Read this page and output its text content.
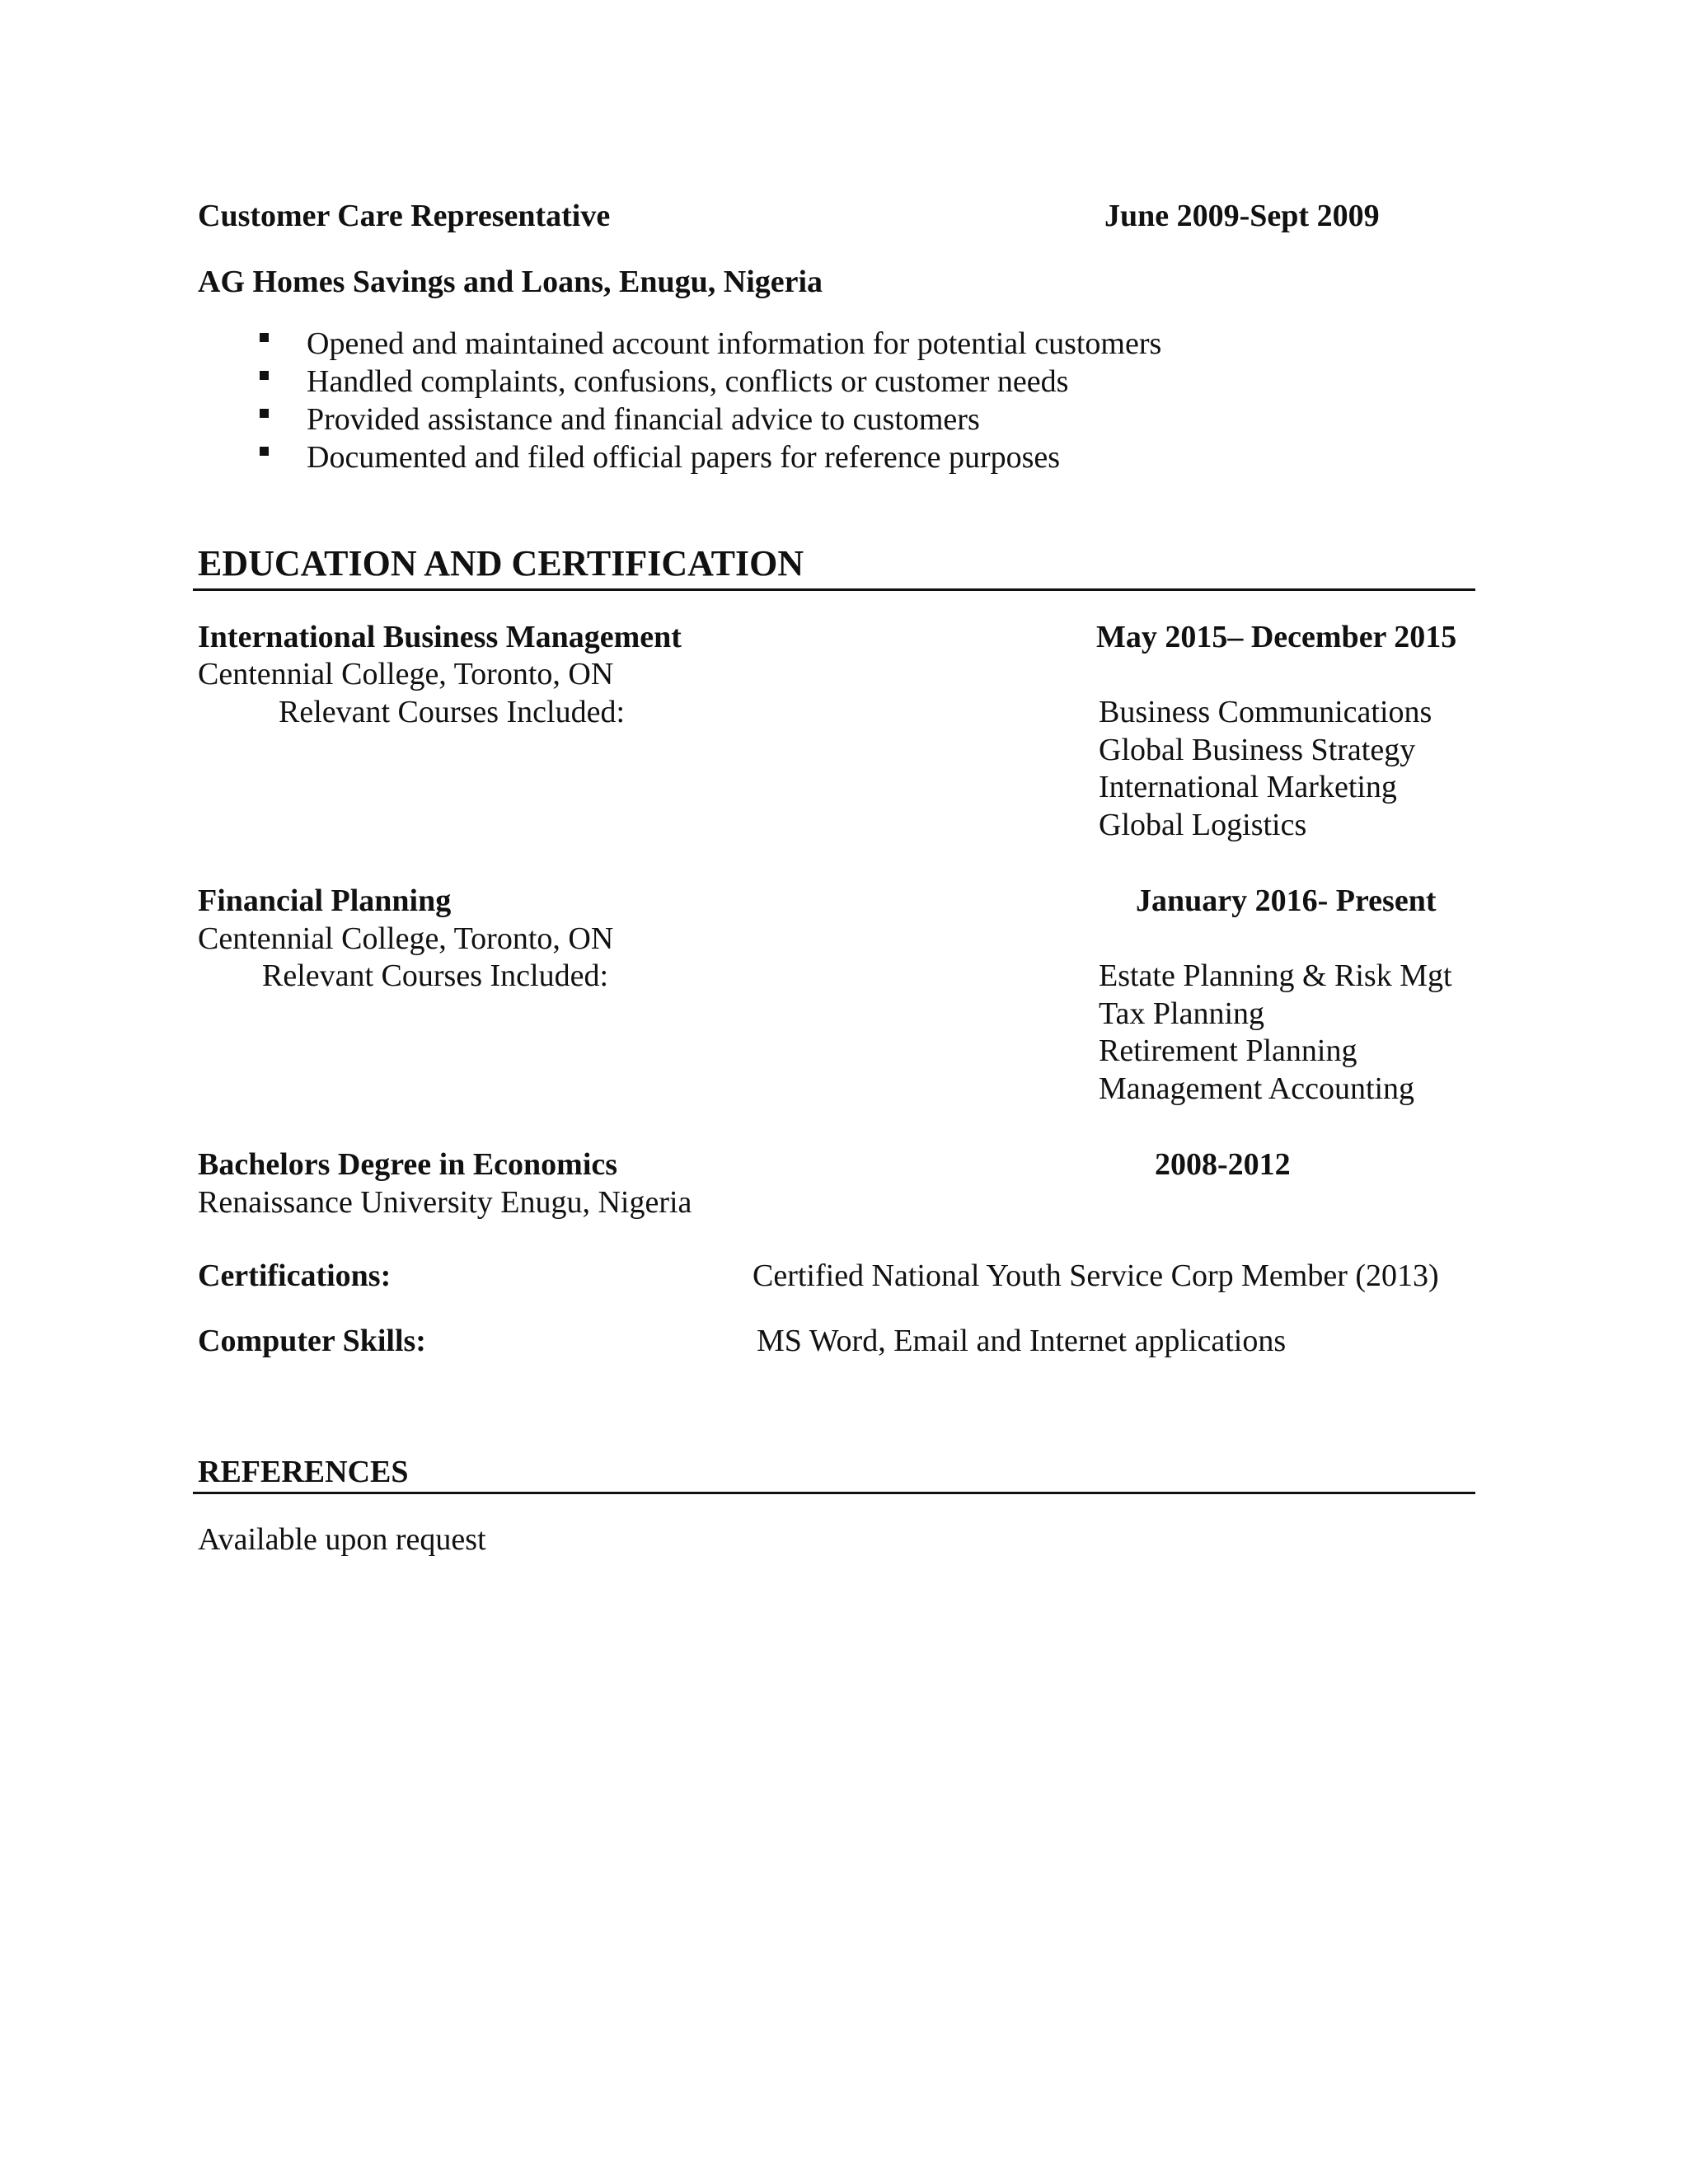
Customer Care Representative	June 2009-Sept 2009
AG Homes Savings and Loans, Enugu, Nigeria
Opened and maintained account information for potential customers
Handled complaints, confusions, conflicts or customer needs
Provided assistance and financial advice to customers
Documented and filed official papers for reference purposes
EDUCATION AND CERTIFICATION
International Business Management	May 2015– December 2015
Centennial College, Toronto, ON
Relevant Courses Included:	Business Communications
Global Business Strategy
International Marketing
Global Logistics
Financial Planning	January 2016- Present
Centennial College, Toronto, ON
Relevant Courses Included:	Estate Planning & Risk Mgt
Tax Planning
Retirement Planning
Management Accounting
Bachelors Degree in Economics	2008-2012
Renaissance University Enugu, Nigeria
Certifications:	Certified National Youth Service Corp Member (2013)
Computer Skills:	MS Word, Email and Internet applications
REFERENCES
Available upon request
